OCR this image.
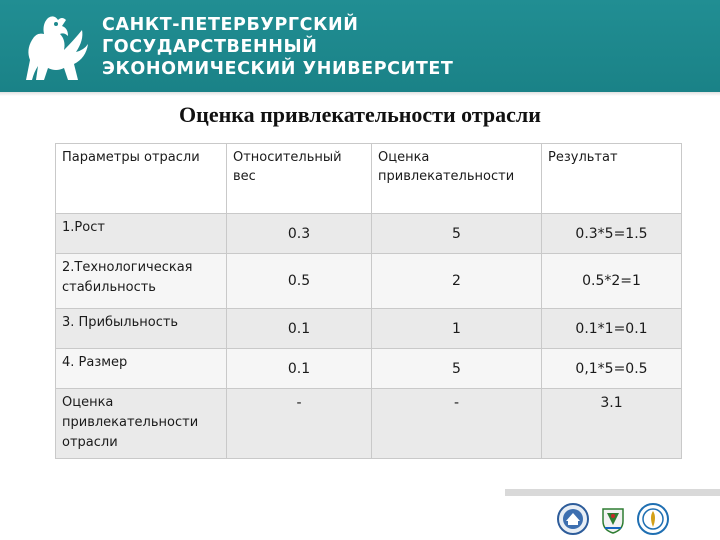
САНКТ-ПЕТЕРБУРГСКИЙ
ГОСУДАРСТВЕННЫЙ
ЭКОНОМИЧЕСКИЙ УНИВЕРСИТЕТ
Оценка привлекательности отрасли
Параметры отрасли	Относительный вес	Оценка привлекательности	Результат
1.Рост	0.3	5	0.3*5=1.5
2.Технологическая стабильность	0.5	2	0.5*2=1
3. Прибыльность	0.1	1	0.1*1=0.1
4. Размер	0.1	5	0,1*5=0.5
Оценка привлекательности отрасли	-	-	3.1
